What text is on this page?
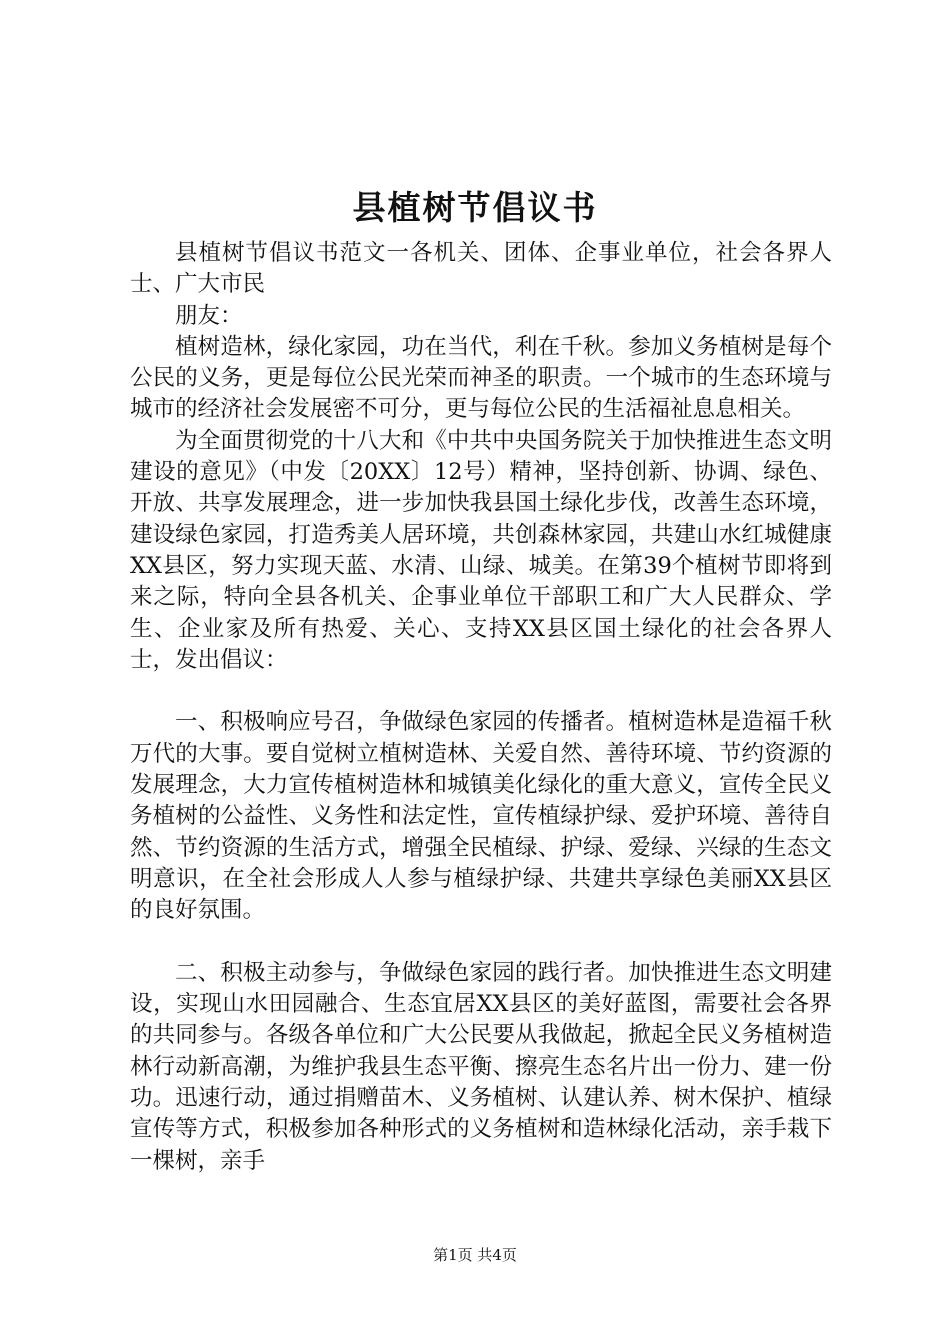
县植树节倡议书

县植树节倡议书范文一各机关、团体、企事业单位，社会各界人士、广大市民

朋友：

植树造林，绿化家园，功在当代，利在千秋。参加义务植树是每个公民的义务，更是每位公民光荣而神圣的职责。一个城市的生态环境与城市的经济社会发展密不可分，更与每位公民的生活福祉息息相关。

为全面贯彻党的十八大和《中共中央国务院关于加快推进生态文明建设的意见》（中发〔20XX〕12号）精神，坚持创新、协调、绿色、开放、共享发展理念，进一步加快我县国土绿化步伐，改善生态环境，建设绿色家园，打造秀美人居环境，共创森林家园，共建山水红城健康XX县区，努力实现天蓝、水清、山绿、城美。在第39个植树节即将到来之际，特向全县各机关、企事业单位干部职工和广大人民群众、学生、企业家及所有热爱、关心、支持XX县区国土绿化的社会各界人士，发出倡议：

一、积极响应号召，争做绿色家园的传播者。植树造林是造福千秋万代的大事。要自觉树立植树造林、关爱自然、善待环境、节约资源的发展理念，大力宣传植树造林和城镇美化绿化的重大意义，宣传全民义务植树的公益性、义务性和法定性，宣传植绿护绿、爱护环境、善待自然、节约资源的生活方式，增强全民植绿、护绿、爱绿、兴绿的生态文明意识，在全社会形成人人参与植绿护绿、共建共享绿色美丽XX县区的良好氛围。

二、积极主动参与，争做绿色家园的践行者。加快推进生态文明建设，实现山水田园融合、生态宜居XX县区的美好蓝图，需要社会各界的共同参与。各级各单位和广大公民要从我做起，掀起全民义务植树造林行动新高潮，为维护我县生态平衡、擦亮生态名片出一份力、建一份功。迅速行动，通过捐赠苗木、义务植树、认建认养、树木保护、植绿宣传等方式，积极参加各种形式的义务植树和造林绿化活动，亲手栽下一棵树，亲手

第1页 共4页
